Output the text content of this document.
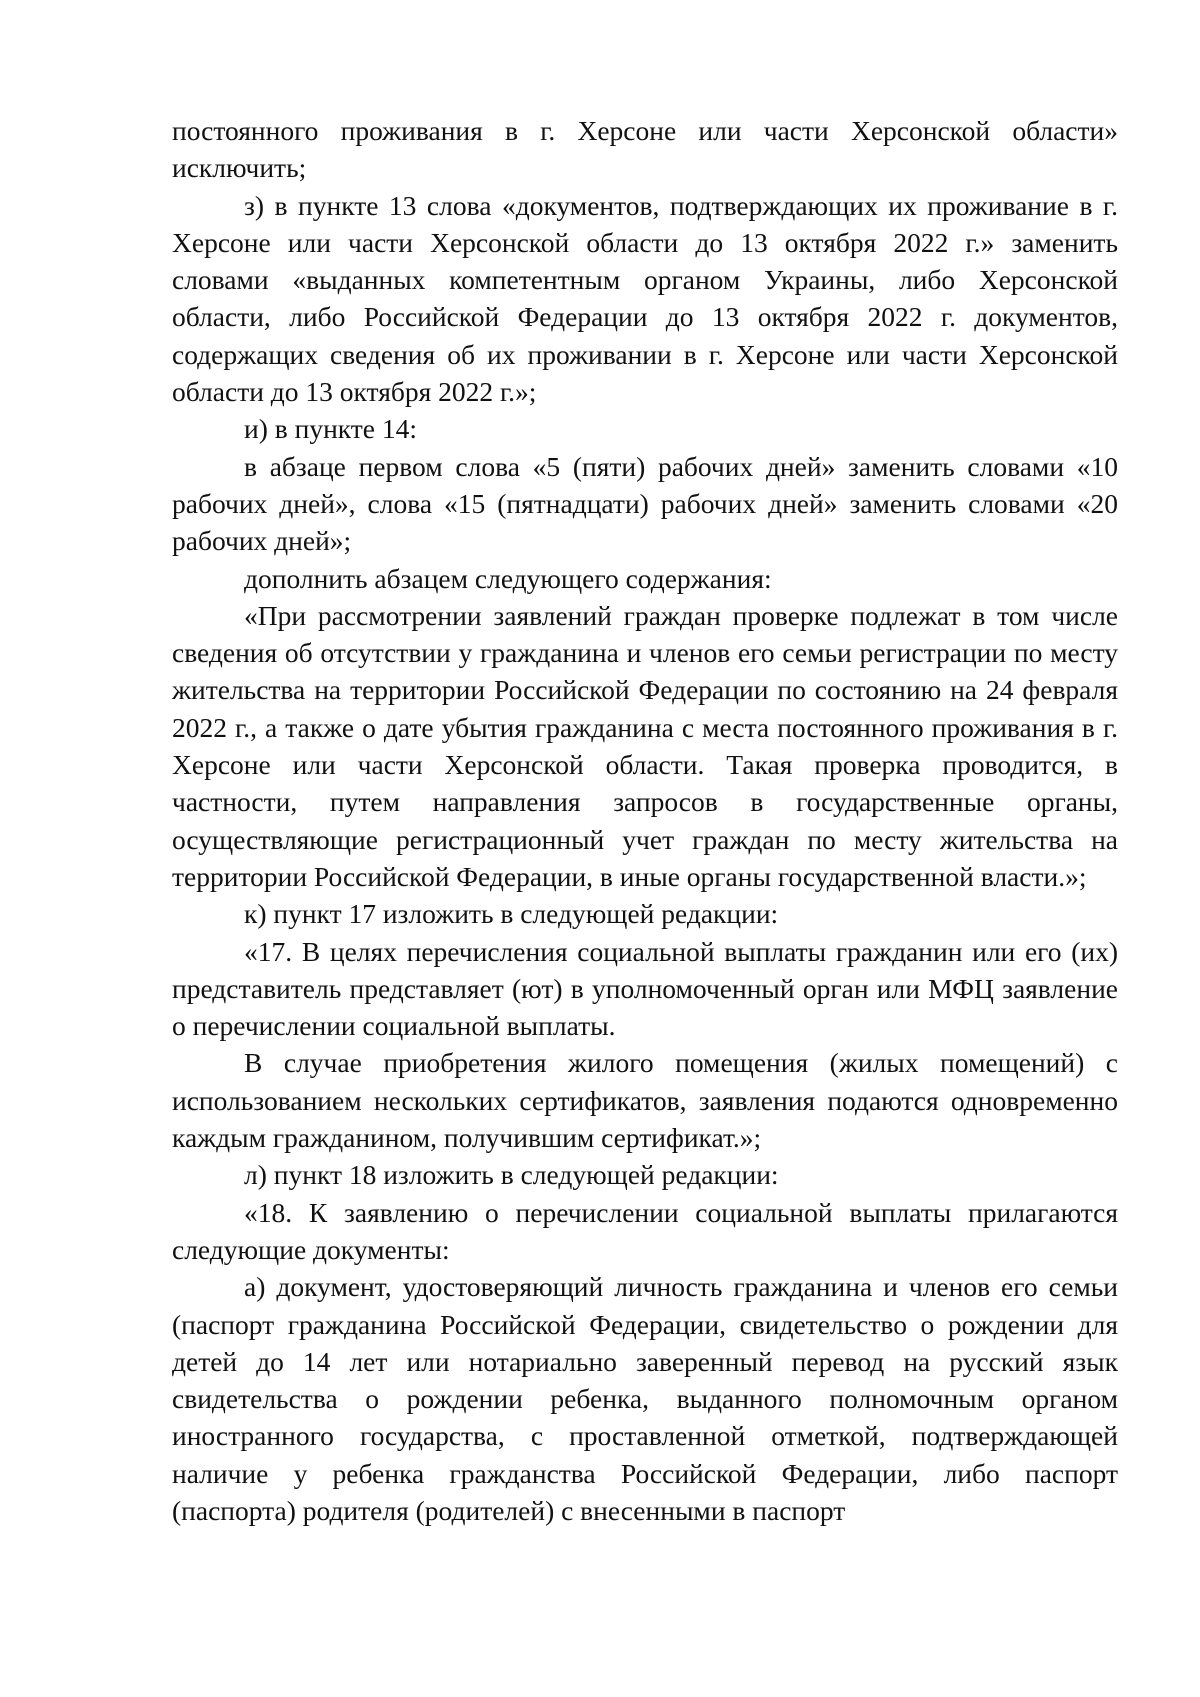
постоянного проживания в г. Херсоне или части Херсонской области» исключить;

з) в пункте 13 слова «документов, подтверждающих их проживание в г. Херсоне или части Херсонской области до 13 октября 2022 г.» заменить словами «выданных компетентным органом Украины, либо Херсонской области, либо Российской Федерации до 13 октября 2022 г. документов, содержащих сведения об их проживании в г. Херсоне или части Херсонской области до 13 октября 2022 г.»;

и) в пункте 14:

в абзаце первом слова «5 (пяти) рабочих дней» заменить словами «10 рабочих дней», слова «15 (пятнадцати) рабочих дней» заменить словами «20 рабочих дней»;

дополнить абзацем следующего содержания:

«При рассмотрении заявлений граждан проверке подлежат в том числе сведения об отсутствии у гражданина и членов его семьи регистрации по месту жительства на территории Российской Федерации по состоянию на 24 февраля 2022 г., а также о дате убытия гражданина с места постоянного проживания в г. Херсоне или части Херсонской области. Такая проверка проводится, в частности, путем направления запросов в государственные органы, осуществляющие регистрационный учет граждан по месту жительства на территории Российской Федерации, в иные органы государственной власти.»;

к) пункт 17 изложить в следующей редакции:

«17. В целях перечисления социальной выплаты гражданин или его (их) представитель представляет (ют) в уполномоченный орган или МФЦ заявление о перечислении социальной выплаты.

В случае приобретения жилого помещения (жилых помещений) с использованием нескольких сертификатов, заявления подаются одновременно каждым гражданином, получившим сертификат.»;

л) пункт 18 изложить в следующей редакции:

«18. К заявлению о перечислении социальной выплаты прилагаются следующие документы:

а) документ, удостоверяющий личность гражданина и членов его семьи (паспорт гражданина Российской Федерации, свидетельство о рождении для детей до 14 лет или нотариально заверенный перевод на русский язык свидетельства о рождении ребенка, выданного полномочным органом иностранного государства, с проставленной отметкой, подтверждающей наличие у ребенка гражданства Российской Федерации, либо паспорт (паспорта) родителя (родителей) с внесенными в паспорт
